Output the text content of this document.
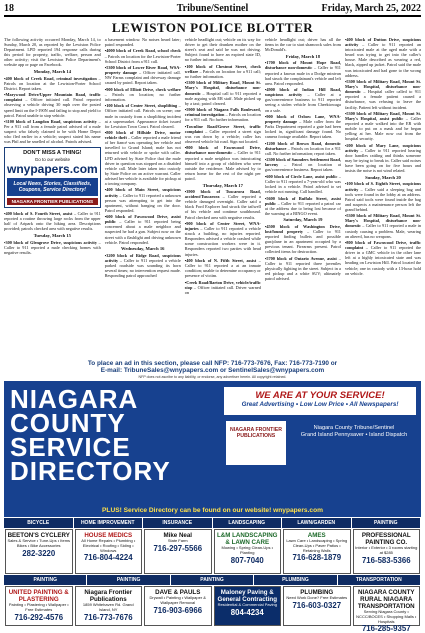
18	Tribune/Sentinel	Friday, March 25, 2022
LEWISTON POLICE BLOTTER

The following activity occurred Monday, March 14, to Sunday, March 20, as reported by the Lewiston Police Department. LPD reported 194 response calls during this period for property, traffic, welfare, person and other activity; visit the Lewiston Police Department's website app or page on Facebook.

Monday, March 14

•400 block of Creek Road, criminal investigation – Patrols on location at the Lewiston-Porter School District. Report taken.

•Marywood Drive/Upper Mountain Road, traffic complaint – Officer initiated call. Patrol reported observing a vehicle driving 30 mph over the posted speed limit on the I-190N and failing to stop and yield to patrol. Patrol unable to stop vehicle.

•3100 block of Langdon Road, suspicious activity – Per a 911 call from a female patrol advised of a male suspect who falsely claimed to be with Home Depot who fled earlier in a vehicle; suspect stated his name was Phil and he smelled of alcohol. Patrols advised.

DON'T MISS A THING!
Go to our website
wnypapers.com
Local News, Stories, Classifieds, Coupons, Service Directory!
NIAGARA FRONTIER PUBLICATIONS

•400 block of S. Fourth Street, assist – Caller to 911 reported a routine throwing large rocks from the upper half of Artpark onto the hiking area. Descriptions provided; patrols checked area with negative results.

Tuesday, March 15

•300 block of Glengrove Drive, suspicious activity – Caller to 911 reported a male checking homes with negative results.

a basement window. No noises heard later; patrol responded.

•4000 block of Creek Road, school check – Patrols on location for the Lewiston-Porter School District from a 911 call.

•5300 block of Lower River Road, WSA-property damage – Officer initiated call. NW Farms complaint and driveway damage caused by patrol. Report taken.

•900 block of Elliott Drive, check welfare – Patrols on location; no further information.

•100 block of Center Street, shoplifting – Officer initiated call. Patrols on scene; one male in custody from a shoplifting incident at a supermarket. Appearance ticket issued for Lewiston Town Court. Patrol cleared.

•800 block of Hillside Drive, motor vehicle theft – Caller reported a male friend of her fiancé was operating her vehicle and travelled to Grand Island; male has not returned with vehicle or spoke with caller. LPD advised by State Police that the male driver in question was stopped on a disabled vehicle call. Male later taken into custody by State Police on an active warrant. Caller advised her vehicle is available for pickup at a towing company.

•400 block of Main Street, suspicious activity – Caller to 911 reported a unknown person was attempting to get into the apartment, without banging on the door. Patrol responded.

•600 block of Fawnwood Drive, assist public – Caller to 911 reported being concerned about a male neighbor and suspected he had a gun. Subject now on the street with a flashlight and driving unknown vehicle. Patrol responded.

Wednesday, March 16

•3200 block of Ridge Road, suspicious activity – Caller to 911 reported a vehicle parked roadside was sounding its horn several times; no intervention request made. Responding patrol approached

vehicle headlight out; vehicle on its way for driver to get their drunken mother on the street's seat and said he was not driving. Subject found to have an expired state ID, no further information.

•100 block of Chestnut Street, check welfare – Patrols on location for a 911 call; no further information.

•5300 block of Military Road, Mount St. Mary's Hospital, disturbance non-domestic – Hospital call to 911 reported a male arguing with ER staff. Male picked up by a taxi; patrol cleared.

•5900 block of Niagara Falls Boulevard, criminal investigation – Patrols on location for a 911 call. No further information.

•Townline Road/Grove Street, traffic complaint – Caller reported a street sign was run down by a vehicle; caller has observed vehicle hit road. Sign not located.

•800 block of Fawnwood Drive, disturbance non-domestic – Caller to 911 reported a male neighbor was intoxicating himself into a group of children who were outside the residence. Male advised by to return home for the rest of the night per patrol.

Thursday, March 17

•3900 block of Tuscarora Road, accident/Tuscarora – Caller reported a vehicle damaged overnight. Caller said a black Ford Explorer had struck the tailwell of his vehicle and continue southbound. Patrol checked area with negative results.

•900 block of Center Street, WNA-injuries – Caller to 911 reported a vehicle struck a building, no injuries reported. Responders advised a vehicle crashed while some construction workers were in it. Responders reported two parties with head injuries.

•400 block of N. Fifth Street, assist – Caller to 911 reported a at an inmate condition; unable to determine occupancy or presence of victim.

•Creek Road/Barton Drive, vehicle/traffic stop – Officer initiated call. Driver warned on

vehicle headlight out; driver has all the items in the car to start shamrock sales from McDonald's.

Friday, March 18

•1700 block of Mount Hope Road, disturbance non-domestic – Caller to 911 reported a known male in a Dodge minivan had struck the complainant's vehicle and left area. Patrol responded.

•4900 block of Indian Hill Road, suspicious activity – Caller at a gas/convenience business to 911 reported seeing a stolen vehicle from Cheektowaga on a safe.

•900 block of Oxbow Lane, WNA-property damage – Male caller from the Parks Department reported a gate had been locked in, significant damage found. No camera footage available. Report taken.

•1200 block of Brown Road, domestic disturbance – Patrols on location for a 911 call. No further information; report taken.

•2300 block of Saunders Settlement Road, larceny – Patrol on location at gas/convenience business. Report taken.

•600 block of Circle Lane, assist public – Caller to 911 reported a 7-year-old who was locked in a vehicle. Patrol advised to set vehicle not running. Call handled.

•5600 block of Buffalo Street, assist public – Caller to 911 reported a patrol car at the address due to being lost because of the warning at a BINGO event.

Saturday, March 19

•4500 block of Washington Drive, lost/found property – Caller to 911 reported finding bullets and possible gun/plane in an apartment occupied by a previous tenant. Firearms present. Patrol collected items for destruction.

•5700 block of Ontario Avenue, assist – Caller to 911 reported three juveniles physically fighting in the street. Subject in a red pickup and a white SUV; ultimately patrol advised.

•400 block of Dutton Drive, suspicious activity – Caller to 911 reported an intoxicated male at the aged male with a beard was trying to get into the caller's house. Male described as wearing a red, black, zipped up jacket. Patrol said the male was intoxicated and had gone to the wrong address.

•5300 block of Military Road, Mount St. Mary's Hospital, disturbance non-domestic – Hospital caller called to 911 reported a female patient caused a disturbance, was refusing to leave the facility. Patient left without incident.

•5300 block of Military Road, Mount St. Mary's Hospital, assist public – Caller reported a male walked into the ER with mobile to put on a mask and he began yelling at her. Male now out from the hospital security.

•200 block of Mary Lane, suspicious activity – Caller to 911 reported hearing door handles rattling and thinks someone may be trying to break in. Caller said noises have been going on for five hours and insists the noise is not wind related.

Sunday, March 20

•100 block of S. Eighth Street, suspicious activity – Caller said a sleeping bag and tools were found in the lobby at an address. Patrol said tools were found inside the bag and suspects a maintenance person left the grand behind.

•5300 block of Military Road, Mount St. Mary's Hospital, disturbance non-domestic – Caller to 911 reported a male in custody causing a problem. Male, wearing an altered, has no weapons.

•800 block of Fawnwood Drive, traffic complaint – Caller to 911 reported the driver in a GMC vehicle in the other lane left at a highly intoxicated state and was heading on Lewiston Hill. Patrol located the vehicle; one in custody with a 13-hour hold on vehicle.

To place an ad in this section, please call NFP: 716-773-7676, Fax: 716-773-7190 or
E-mail: TribuneSales@wnypapers.com or SentinelSales@wnypapers.com
NFP does not ascribe to any liability, or endorse, any advertiser herein. All copyright retained.
NIAGARA COUNTY SERVICE DIRECTORY
WE ARE AT YOUR SERVICE!
Great Advertising • Low Low Price • All Newspapers!
NIAGARA FRONTIER PUBLICATIONS
Niagara County Tribune/Sentinel
Grand Island Pennysaver • Island Dispatch
PLUS! Service Directory can be found on our website! wnypapers.com
BICYCLE	HOME IMPROVEMENT	INSURANCE	LANDSCAPING	LAWN/GARDEN	PAINTING
BEETON'S CYCLERY
Sales & Service • Tune-Ups • Items Bikes • Bike Accessories
282-3220
HOUSE MEDICS
All Home Repairs • Plumbing • Electrical • Roofing • Siding • Windows
716-804-4224
Mike Neal
State Farm
716-297-5566
L&M LANDSCAPING & LAWN CARE
Mowing • Spring Clean-Ups • Planting
807-7040
AMES
Lawn Care • Landscaping • Spring Clean-Ups • Paver Patios • Retaining Walls
716-628-1879
PROFESSIONAL PAINTING CO.
Interior • Exterior • 3 rooms starting at $285
716-583-5366
PAINTING	PAINTING	PAINTING	PLUMBING	TRANSPORTATION
UNITED PAINTING & PLASTERING
Painting • Plastering • Wallpaper • Free Estimates
716-292-4576
Niagara Frontier Publications
1859 Whitehaven Rd. Grand Island, NY
716-773-7676
DAVE & PAULS
Drywall • Painting • Wallpaper & Wallpaper Removal
716-903-6966
Maloney Paving & General Contracting
Residential & Commercial Paving
804-4234
PLUMBING
Need Work Done? Free Estimates
716-603-0327
NIAGARA COUNTY RURAL NIAGARA TRANSPORTATION
Serving Niagara County • NCCC/BOCES • Shopping Malls • Hospitals
716-285-9357
